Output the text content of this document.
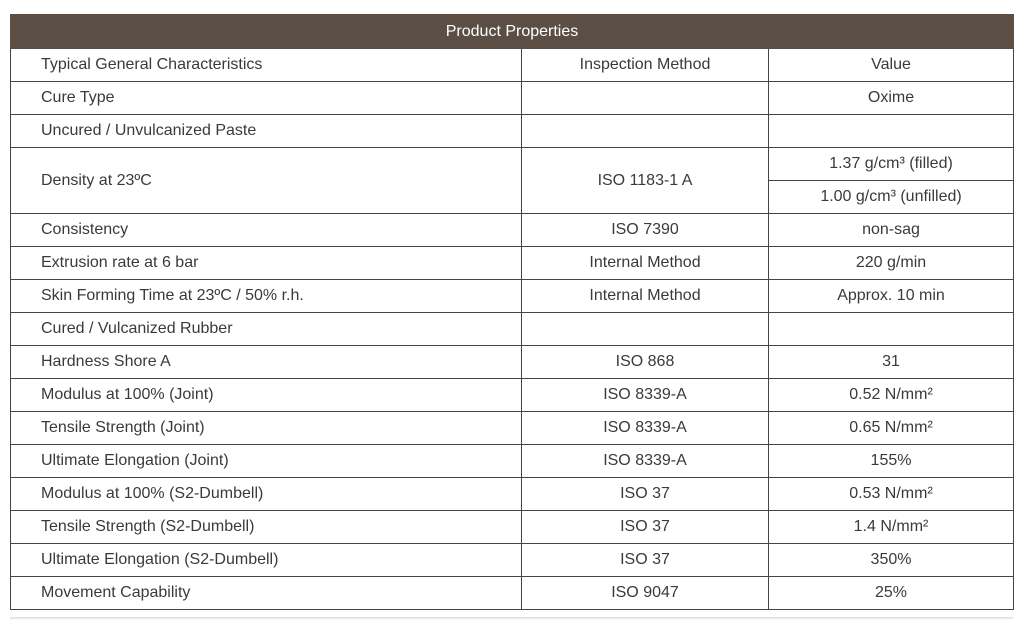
Product Properties		
Typical General Characteristics	Inspection Method	Value
Cure Type		Oxime
Uncured / Unvulcanized Paste		
Density at 23ºC	ISO 1183-1 A	1.37 g/cm³ (filled)
		1.00 g/cm³ (unfilled)
Consistency	ISO 7390	non-sag
Extrusion rate at 6 bar	Internal Method	220 g/min
Skin Forming Time at 23ºC / 50% r.h.	Internal Method	Approx. 10 min
Cured / Vulcanized Rubber		
Hardness Shore A	ISO 868	31
Modulus at 100% (Joint)	ISO 8339-A	0.52 N/mm²
Tensile Strength (Joint)	ISO 8339-A	0.65 N/mm²
Ultimate Elongation (Joint)	ISO 8339-A	155%
Modulus at 100% (S2-Dumbell)	ISO 37	0.53 N/mm²
Tensile Strength (S2-Dumbell)	ISO 37	1.4 N/mm²
Ultimate Elongation (S2-Dumbell)	ISO 37	350%
Movement Capability	ISO 9047	25%
